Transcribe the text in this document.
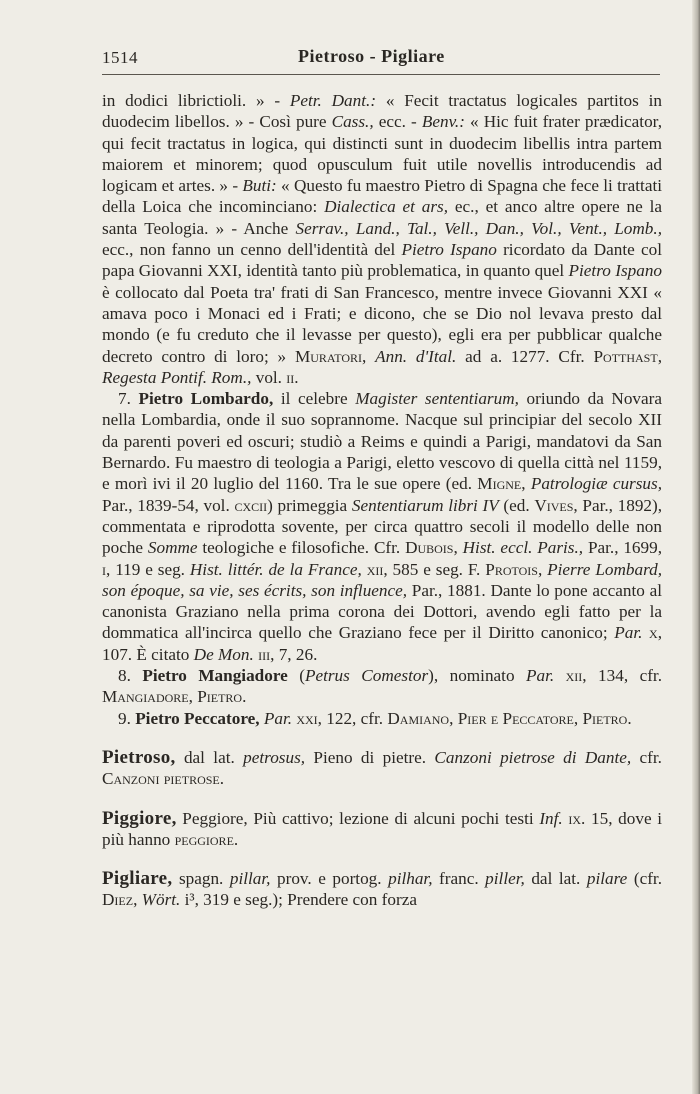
1514	Pietroso - Pigliare

in dodici librictioli. » - Petr. Dant.: « Fecit tractatus logicales partitos in duodecim libellos. » - Così pure Cass., ecc. - Benv.: « Hic fuit frater prædicator, qui fecit tractatus in logica, qui distincti sunt in duodecim libellis intra partem maiorem et minorem; quod opusculum fuit utile novellis introducendis ad logicam et artes. » - Buti: « Questo fu maestro Pietro di Spagna che fece li trattati della Loica che incominciano: Dialectica et ars, ec., et anco altre opere ne la santa Teologia. » - Anche Serrav., Land., Tal., Vell., Dan., Vol., Vent., Lomb., ecc., non fanno un cenno dell'identità del Pietro Ispano ricordato da Dante col papa Giovanni XXI, identità tanto più problematica, in quanto quel Pietro Ispano è collocato dal Poeta tra' frati di San Francesco, mentre invece Giovanni XXI « amava poco i Monaci ed i Frati; e dicono, che se Dio nol levava presto dal mondo (e fu creduto che il levasse per questo), egli era per pubblicar qualche decreto contro di loro; » Muratori, Ann. d'Ital. ad a. 1277. Cfr. Potthast, Regesta Pontif. Rom., vol. ii.

7. Pietro Lombardo, il celebre Magister sententiarum, oriundo da Novara nella Lombardia, onde il suo soprannome. Nacque sul principiar del secolo XII da parenti poveri ed oscuri; studiò a Reims e quindi a Parigi, mandatovi da San Bernardo. Fu maestro di teologia a Parigi, eletto vescovo di quella città nel 1159, e morì ivi il 20 luglio del 1160. Tra le sue opere (ed. Migne, Patrologiæ cursus, Par., 1839-54, vol. cxcii) primeggia Sententiarum libri IV (ed. Vives, Par., 1892), commentata e riprodotta sovente, per circa quattro secoli il modello delle non poche Somme teologiche e filosofiche. Cfr. Dubois, Hist. eccl. Paris., Par., 1699, i, 119 e seg. Hist. littér. de la France, xii, 585 e seg. F. Protois, Pierre Lombard, son époque, sa vie, ses écrits, son influence, Par., 1881. Dante lo pone accanto al canonista Graziano nella prima corona dei Dottori, avendo egli fatto per la dommatica all'incirca quello che Graziano fece per il Diritto canonico; Par. x, 107. È citato De Mon. iii, 7, 26.

8. Pietro Mangiadore (Petrus Comestor), nominato Par. xii, 134, cfr. Mangiadore, Pietro.

9. Pietro Peccatore, Par. xxi, 122, cfr. Damiano, Pier e Peccatore, Pietro.

Pietroso, dal lat. petrosus, Pieno di pietre. Canzoni pietrose di Dante, cfr. Canzoni pietrose.

Piggiore, Peggiore, Più cattivo; lezione di alcuni pochi testi Inf. ix. 15, dove i più hanno peggiore.

Pigliare, spagn. pillar, prov. e portog. pilhar, franc. piller, dal lat. pilare (cfr. Diez, Wört. i³, 319 e seg.); Prendere con forza
